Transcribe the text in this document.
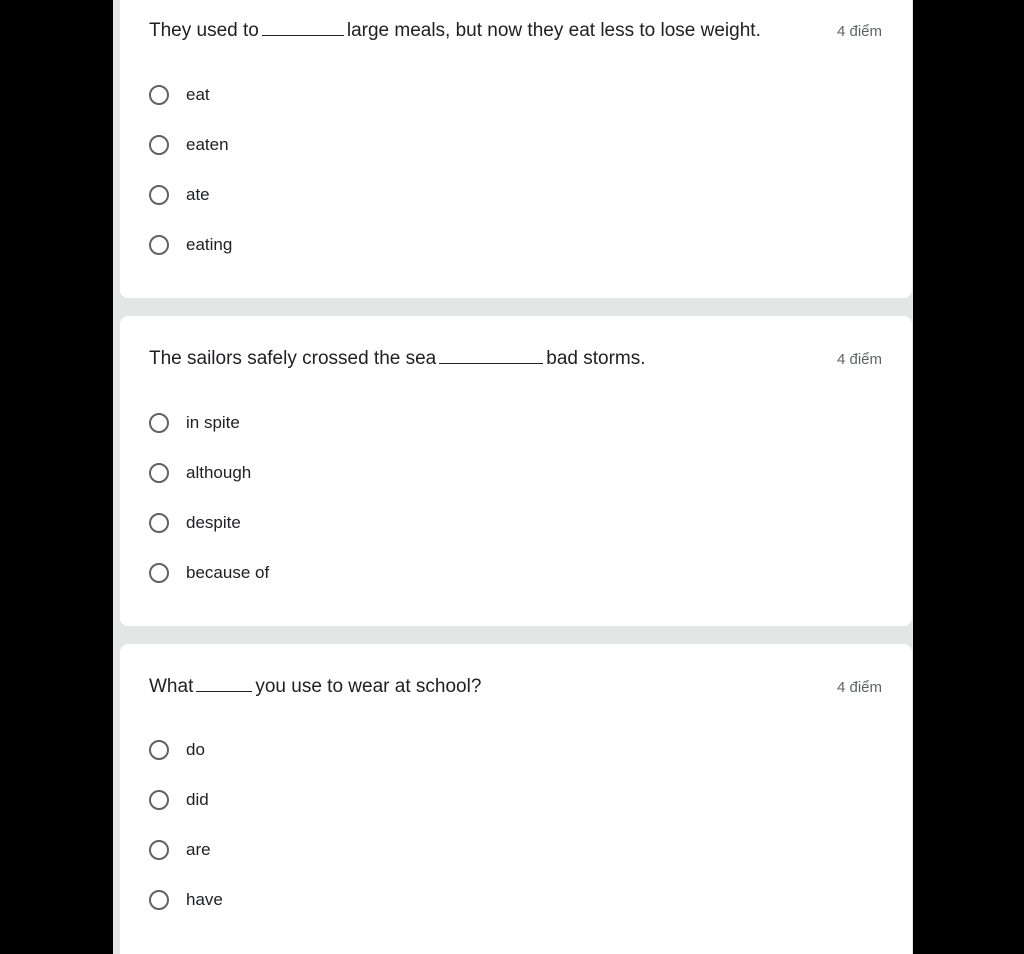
They used to	large meals, but now they eat less to lose weight.	4 điểm
eat
eaten
ate
eating
The sailors safely crossed the sea	bad storms.	4 điểm
in spite
although
despite
because of
What	you use to wear at school?	4 điểm
do
did
are
have
